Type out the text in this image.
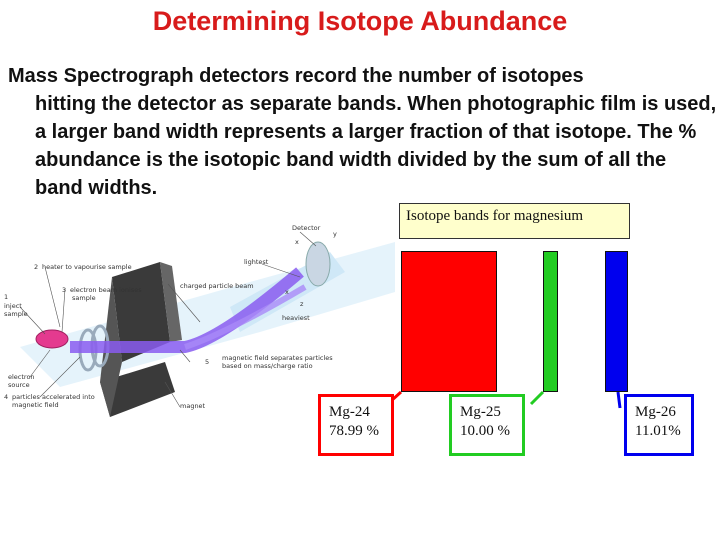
Determining Isotope Abundance
Mass Spectrograph detectors record the number of isotopes
hitting the detector as separate bands. When photographic film is used, a larger band width represents a larger fraction of that isotope. The % abundance is the isotopic band width divided by the sum of all the band widths.
Detector
x
y
lightest
charged particle beam
x
z
heaviest
2 heater to vapourise sample
3 electron beam ionises
sample
1
inject
sample
electron
source
4 particles accelerated into
magnetic field
5 magnetic field separates particles
based on mass/charge ratio
magnet
Isotope bands for magnesium
Mg-24
78.99 %
Mg-25
10.00 %
Mg-26
11.01%
